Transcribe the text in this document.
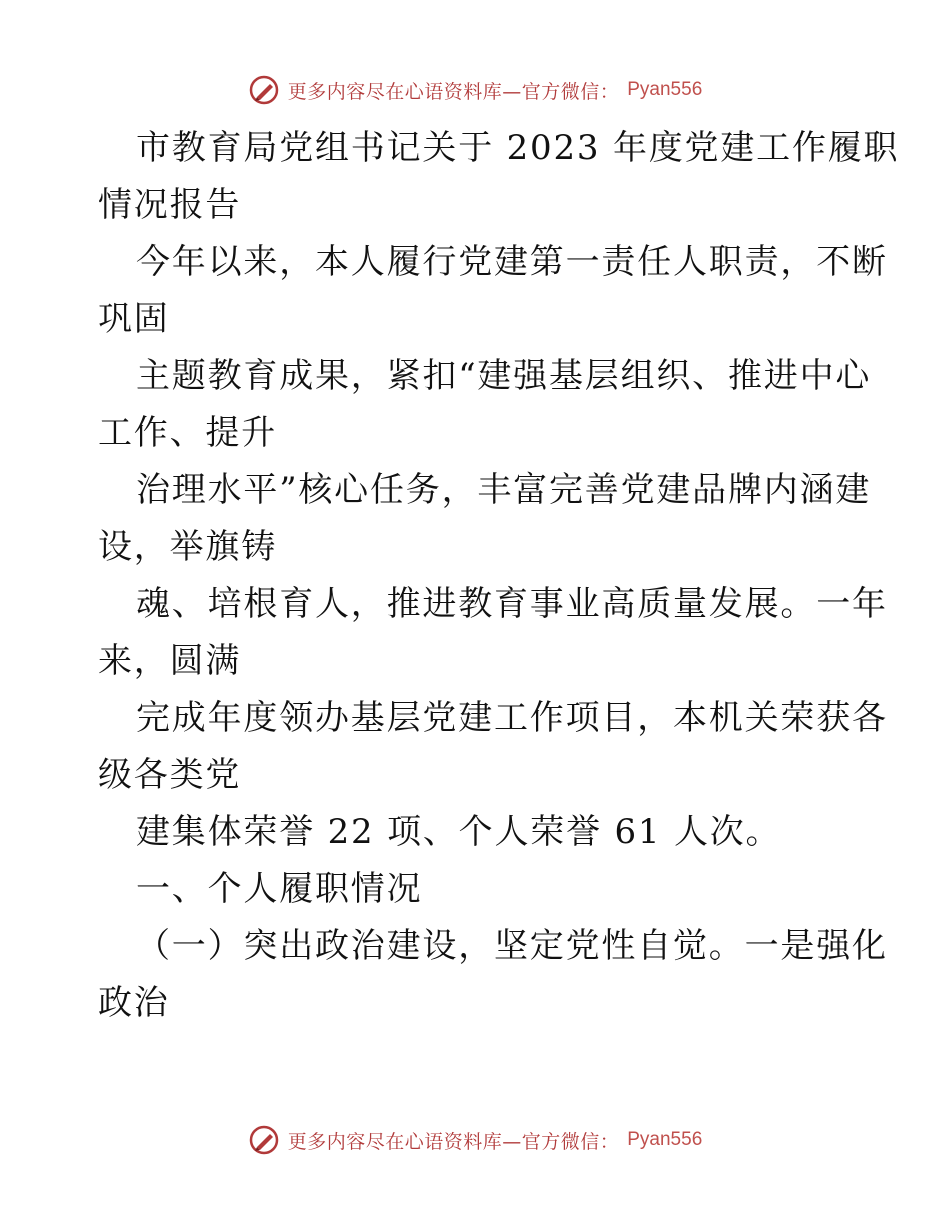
更多内容尽在心语资料库—官方微信： Pyan556
市教育局党组书记关于 2023 年度党建工作履职
情况报告
今年以来，本人履行党建第一责任人职责，不断
巩固
主题教育成果，紧扣“建强基层组织、推进中心
工作、提升
治理水平”核心任务，丰富完善党建品牌内涵建
设，举旗铸
魂、培根育人，推进教育事业高质量发展。一年
来，圆满
完成年度领办基层党建工作项目，本机关荣获各
级各类党
建集体荣誉 22 项、个人荣誉 61 人次。
一、个人履职情况
（一）突出政治建设，坚定党性自觉。一是强化
政治
更多内容尽在心语资料库—官方微信： Pyan556
